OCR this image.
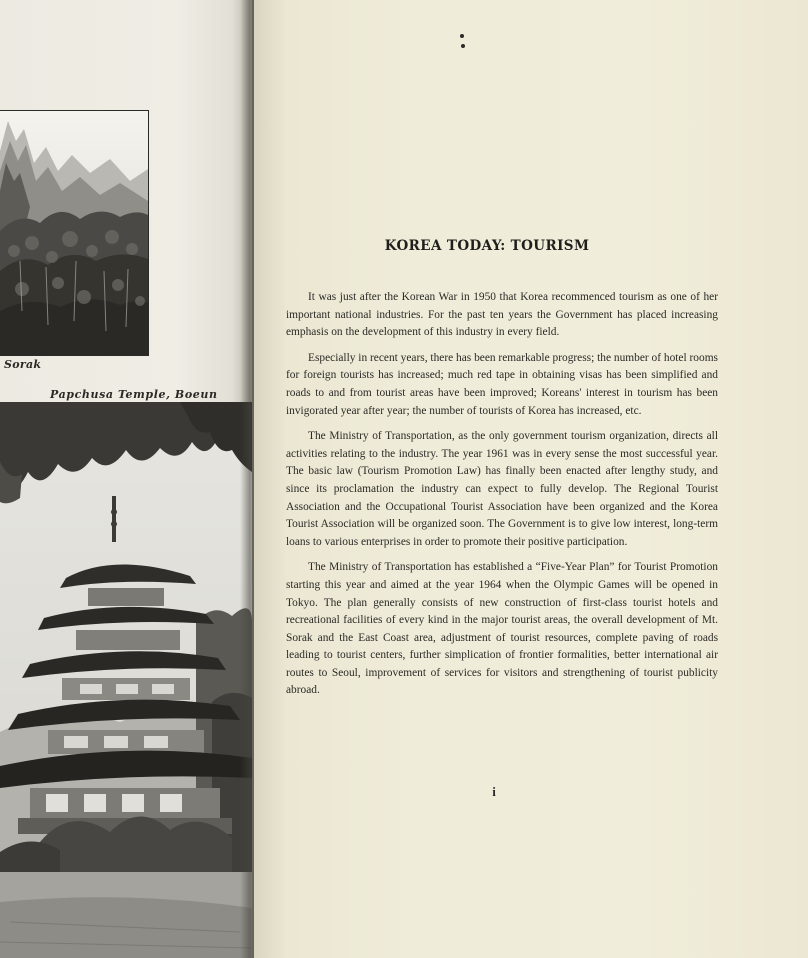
Sorak
Papchusa Temple, Boeun
KOREA TODAY: TOURISM

It was just after the Korean War in 1950 that Korea recommenced tourism as one of her important national industries. For the past ten years the Government has placed increasing emphasis on the development of this industry in every field.

Especially in recent years, there has been remarkable progress; the number of hotel rooms for foreign tourists has increased; much red tape in obtaining visas has been simplified and roads to and from tourist areas have been improved; Koreans' interest in tourism has been invigorated year after year; the number of tourists of Korea has increased, etc.

The Ministry of Transportation, as the only government tourism organization, directs all activities relating to the industry. The year 1961 was in every sense the most successful year. The basic law (Tourism Promotion Law) has finally been enacted after lengthy study, and since its proclamation the industry can expect to fully develop. The Regional Tourist Association and the Occupational Tourist Association have been organized and the Korea Tourist Association will be organized soon. The Government is to give low interest, long-term loans to various enterprises in order to promote their positive participation.

The Ministry of Transportation has established a “Five-Year Plan” for Tourist Promotion starting this year and aimed at the year 1964 when the Olympic Games will be opened in Tokyo. The plan generally consists of new construction of first-class tourist hotels and recreational facilities of every kind in the major tourist areas, the overall development of Mt. Sorak and the East Coast area, adjustment of tourist resources, complete paving of roads leading to tourist centers, further simplication of frontier formalities, better international air routes to Seoul, improvement of services for visitors and strengthening of tourist publicity abroad.

i
